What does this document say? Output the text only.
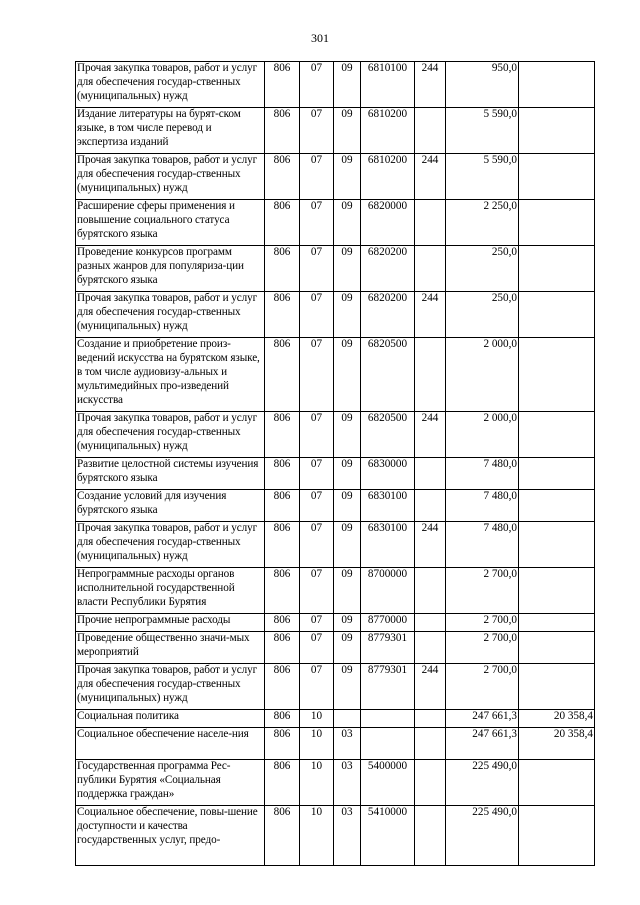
301
Прочая закупка товаров, работ и услуг для обеспечения государ-ственных (муниципальных) нужд	806	07	09	6810100	244	950,0	
Издание литературы на бурят-ском языке, в том числе перевод и экспертиза изданий	806	07	09	6810200		5 590,0	
Прочая закупка товаров, работ и услуг для обеспечения государ-ственных (муниципальных) нужд	806	07	09	6810200	244	5 590,0	
Расширение сферы применения и повышение социального статуса бурятского языка	806	07	09	6820000		2 250,0	
Проведение конкурсов программ разных жанров для популяриза-ции бурятского языка	806	07	09	6820200		250,0	
Прочая закупка товаров, работ и услуг для обеспечения государ-ственных (муниципальных) нужд	806	07	09	6820200	244	250,0	
Создание и приобретение произ-ведений искусства на бурятском языке, в том числе аудиовизу-альных и мультимедийных про-изведений искусства	806	07	09	6820500		2 000,0	
Прочая закупка товаров, работ и услуг для обеспечения государ-ственных (муниципальных) нужд	806	07	09	6820500	244	2 000,0	
Развитие целостной системы изучения бурятского языка	806	07	09	6830000		7 480,0	
Создание условий для изучения бурятского языка	806	07	09	6830100		7 480,0	
Прочая закупка товаров, работ и услуг для обеспечения государ-ственных (муниципальных) нужд	806	07	09	6830100	244	7 480,0	
Непрограммные расходы органов исполнительной государственной власти Республики Бурятия	806	07	09	8700000		2 700,0	
Прочие непрограммные расходы	806	07	09	8770000		2 700,0	
Проведение общественно значи-мых мероприятий	806	07	09	8779301		2 700,0	
Прочая закупка товаров, работ и услуг для обеспечения государ-ственных (муниципальных) нужд	806	07	09	8779301	244	2 700,0	
Социальная политика	806	10				247 661,3	20 358,4
Социальное обеспечение населе-ния	806	10	03			247 661,3	20 358,4
Государственная программа Рес-публики Бурятия «Социальная поддержка граждан»	806	10	03	5400000		225 490,0	
Социальное обеспечение, повы-шение доступности и качества государственных услуг, предо-	806	10	03	5410000		225 490,0	
